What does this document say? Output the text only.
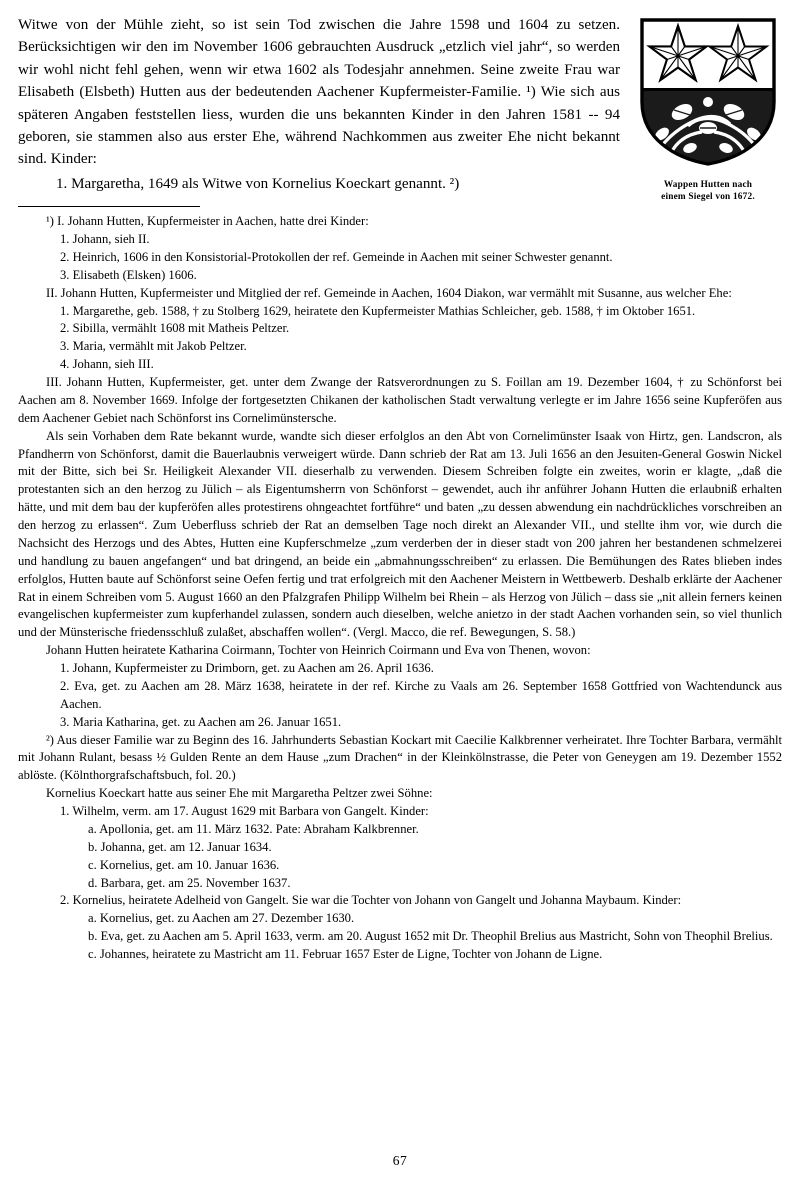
Wappen Hutten nach
einem Siegel von 1672.

Witwe von der Mühle zieht, so ist sein Tod zwischen die Jahre 1598 und 1604 zu setzen. Berücksichtigen wir den im November 1606 gebrauchten Ausdruck „etzlich viel jahr“, so werden wir wohl nicht fehl gehen, wenn wir etwa 1602 als Todesjahr annehmen. Seine zweite Frau war Elisabeth (Elsbeth) Hutten aus der bedeutenden Aachener Kupfermeister-Familie. ¹) Wie sich aus späteren Angaben feststellen liess, wurden die uns bekannten Kinder in den Jahren 1581 -- 94 geboren, sie stammen also aus erster Ehe, während Nachkommen aus zweiter Ehe nicht bekannt sind. Kinder:

1. Margaretha, 1649 als Witwe von Kornelius Koeckart genannt. ²)

¹) I. Johann Hutten, Kupfermeister in Aachen, hatte drei Kinder:

1. Johann, sieh II.

2. Heinrich, 1606 in den Konsistorial-Protokollen der ref. Gemeinde in Aachen mit seiner Schwester genannt.

3. Elisabeth (Elsken) 1606.

II. Johann Hutten, Kupfermeister und Mitglied der ref. Gemeinde in Aachen, 1604 Diakon, war vermählt mit Susanne, aus welcher Ehe:

1. Margarethe, geb. 1588, † zu Stolberg 1629, heiratete den Kupfermeister Mathias Schleicher, geb. 1588, † im Oktober 1651.

2. Sibilla, vermählt 1608 mit Matheis Peltzer.

3. Maria, vermählt mit Jakob Peltzer.

4. Johann, sieh III.

III. Johann Hutten, Kupfermeister, get. unter dem Zwange der Ratsverordnungen zu S. Foillan am 19. Dezember 1604, † zu Schönforst bei Aachen am 8. November 1669. Infolge der fortgesetzten Chikanen der katholischen Stadt verwaltung verlegte er im Jahre 1656 seine Kupferöfen aus dem Aachener Gebiet nach Schönforst ins Cornelimünstersche.

Als sein Vorhaben dem Rate bekannt wurde, wandte sich dieser erfolglos an den Abt von Cornelimünster Isaak von Hirtz, gen. Landscron, als Pfandherrn von Schönforst, damit die Bauerlaubnis verweigert würde. Dann schrieb der Rat am 13. Juli 1656 an den Jesuiten-General Goswin Nickel mit der Bitte, sich bei Sr. Heiligkeit Alexander VII. dieserhalb zu verwenden. Diesem Schreiben folgte ein zweites, worin er klagte, „daß die protestanten sich an den herzog zu Jülich – als Eigentumsherrn von Schönforst – gewendet, auch ihr anführer Johann Hutten die erlaubniß erhalten hätte, und mit dem bau der kupferöfen alles protestirens ohngeachtet fortführe“ und baten „zu dessen abwendung ein nachdrückliches vorschreiben an den herzog zu erlassen“. Zum Ueberfluss schrieb der Rat an demselben Tage noch direkt an Alexander VII., und stellte ihm vor, wie durch die Nachsicht des Herzogs und des Abtes, Hutten eine Kupferschmelze „zum verderben der in dieser stadt von 200 jahren her bestandenen schmelzerei und handlung zu bauen angefangen“ und bat dringend, an beide ein „abmahnungsschreiben“ zu erlassen. Die Bemühungen des Rates blieben indes erfolglos, Hutten baute auf Schönforst seine Oefen fertig und trat erfolgreich mit den Aachener Meistern in Wettbewerb. Deshalb erklärte der Aachener Rat in einem Schreiben vom 5. August 1660 an den Pfalzgrafen Philipp Wilhelm bei Rhein – als Herzog von Jülich – dass sie „nit allein ferners keinen evangelischen kupfermeister zum kupferhandel zulassen, sondern auch dieselben, welche anietzo in der stadt Aachen vorhanden sein, so viel thunlich und der Münsterische friedensschluß zulaßet, abschaffen wollen“. (Vergl. Macco, die ref. Bewegungen, S. 58.)

Johann Hutten heiratete Katharina Coirmann, Tochter von Heinrich Coirmann und Eva von Thenen, wovon:

1. Johann, Kupfermeister zu Drimborn, get. zu Aachen am 26. April 1636.

2. Eva, get. zu Aachen am 28. März 1638, heiratete in der ref. Kirche zu Vaals am 26. September 1658 Gottfried von Wachtendunck aus Aachen.

3. Maria Katharina, get. zu Aachen am 26. Januar 1651.

²) Aus dieser Familie war zu Beginn des 16. Jahrhunderts Sebastian Kockart mit Caecilie Kalkbrenner verheiratet. Ihre Tochter Barbara, vermählt mit Johann Rulant, besass ½ Gulden Rente an dem Hause „zum Drachen“ in der Kleinkölnstrasse, die Peter von Geneygen am 19. Dezember 1552 ablöste. (Kölnthorgrafschaftsbuch, fol. 20.)

Kornelius Koeckart hatte aus seiner Ehe mit Margaretha Peltzer zwei Söhne:

1. Wilhelm, verm. am 17. August 1629 mit Barbara von Gangelt. Kinder:

a. Apollonia, get. am 11. März 1632. Pate: Abraham Kalkbrenner.

b. Johanna, get. am 12. Januar 1634.

c. Kornelius, get. am 10. Januar 1636.

d. Barbara, get. am 25. November 1637.

2. Kornelius, heiratete Adelheid von Gangelt. Sie war die Tochter von Johann von Gangelt und Johanna Maybaum. Kinder:

a. Kornelius, get. zu Aachen am 27. Dezember 1630.

b. Eva, get. zu Aachen am 5. April 1633, verm. am 20. August 1652 mit Dr. Theophil Brelius aus Mastricht, Sohn von Theophil Brelius.

c. Johannes, heiratete zu Mastricht am 11. Februar 1657 Ester de Ligne, Tochter von Johann de Ligne.

67
